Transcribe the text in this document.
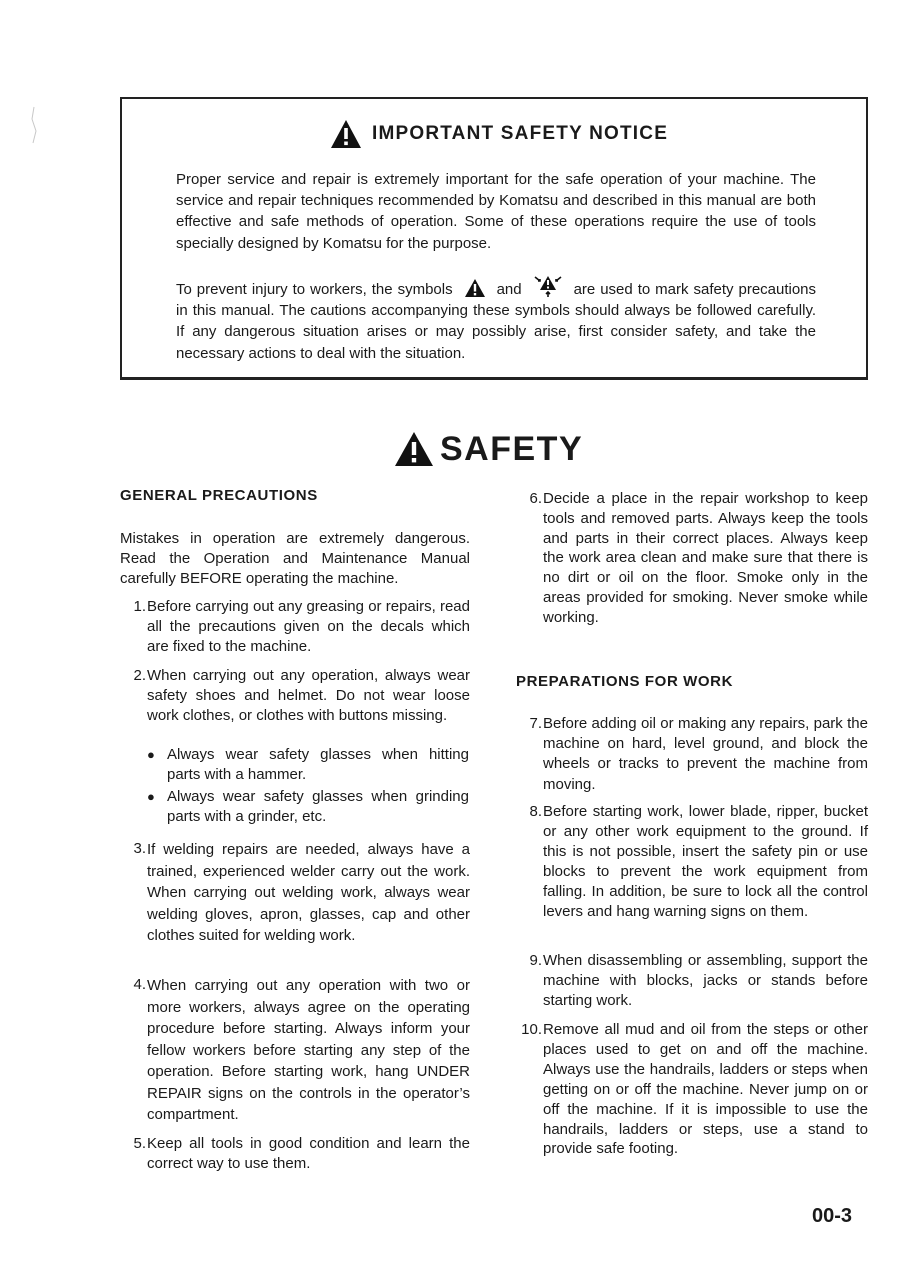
IMPORTANT SAFETY NOTICE

Proper service and repair is extremely important for the safe operation of your machine. The service and repair techniques recommended by Komatsu and described in this manual are both effective and safe methods of operation. Some of these operations require the use of tools specially designed by Komatsu for the purpose.

To prevent injury to workers, the symbols	and	are used to mark safety precautions in this manual. The cautions accompanying these symbols should always be followed carefully. If any dangerous situation arises or may possibly arise, first consider safety, and take the necessary actions to deal with the situation.

SAFETY
GENERAL PRECAUTIONS

Mistakes in operation are extremely dangerous. Read the Operation and Maintenance Manual carefully BEFORE operating the machine.

1. Before carrying out any greasing or repairs, read all the precautions given on the decals which are fixed to the machine.

2. When carrying out any operation, always wear safety shoes and helmet. Do not wear loose work clothes, or clothes with buttons missing.

● Always wear safety glasses when hitting parts with a hammer.

● Always wear safety glasses when grinding parts with a grinder, etc.

3. If welding repairs are needed, always have a trained, experienced welder carry out the work. When carrying out welding work, always wear welding gloves, apron, glasses, cap and other clothes suited for welding work.

4. When carrying out any operation with two or more workers, always agree on the operating procedure before starting. Always inform your fellow workers before starting any step of the operation. Before starting work, hang UNDER REPAIR signs on the controls in the operator’s compartment.

5. Keep all tools in good condition and learn the correct way to use them.

6. Decide a place in the repair workshop to keep tools and removed parts. Always keep the tools and parts in their correct places. Always keep the work area clean and make sure that there is no dirt or oil on the floor. Smoke only in the areas provided for smoking. Never smoke while working.

PREPARATIONS FOR WORK
7. Before adding oil or making any repairs, park the machine on hard, level ground, and block the wheels or tracks to prevent the machine from moving.

8. Before starting work, lower blade, ripper, bucket or any other work equipment to the ground. If this is not possible, insert the safety pin or use blocks to prevent the work equipment from falling. In addition, be sure to lock all the control levers and hang warning signs on them.

9. When disassembling or assembling, support the machine with blocks, jacks or stands before starting work.

10. Remove all mud and oil from the steps or other places used to get on and off the machine. Always use the handrails, ladders or steps when getting on or off the machine. Never jump on or off the machine. If it is impossible to use the handrails, ladders or steps, use a stand to provide safe footing.

00-3
